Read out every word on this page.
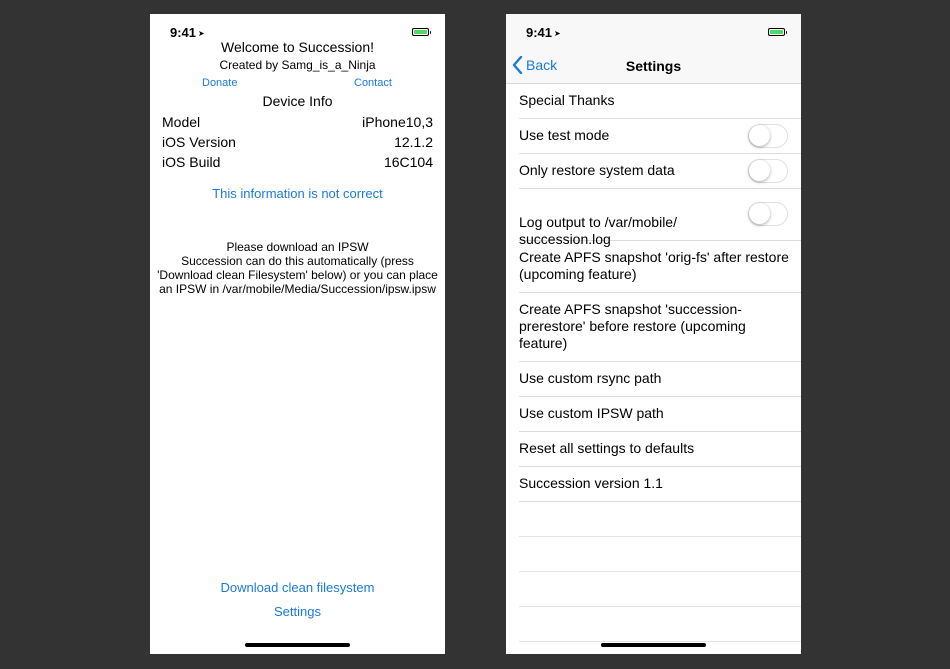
9:41 ➤
Welcome to Succession!
Created by Samg_is_a_Ninja
Donate	Contact
Device Info
Model	iPhone10,3
iOS Version	12.1.2
iOS Build	16C104
This information is not correct
Please download an IPSW
Succession can do this automatically (press
'Download clean Filesystem' below) or you can place
an IPSW in /var/mobile/Media/Succession/ipsw.ipsw
Download clean filesystem
Settings
9:41 ➤
Back	Settings
Special Thanks
Use test mode
Only restore system data

Log output to /var/mobile/
succession.log

Create APFS snapshot 'orig-fs' after restore (upcoming feature)
Create APFS snapshot 'succession-prerestore' before restore (upcoming feature)
Use custom rsync path
Use custom IPSW path
Reset all settings to defaults
Succession version 1.1
